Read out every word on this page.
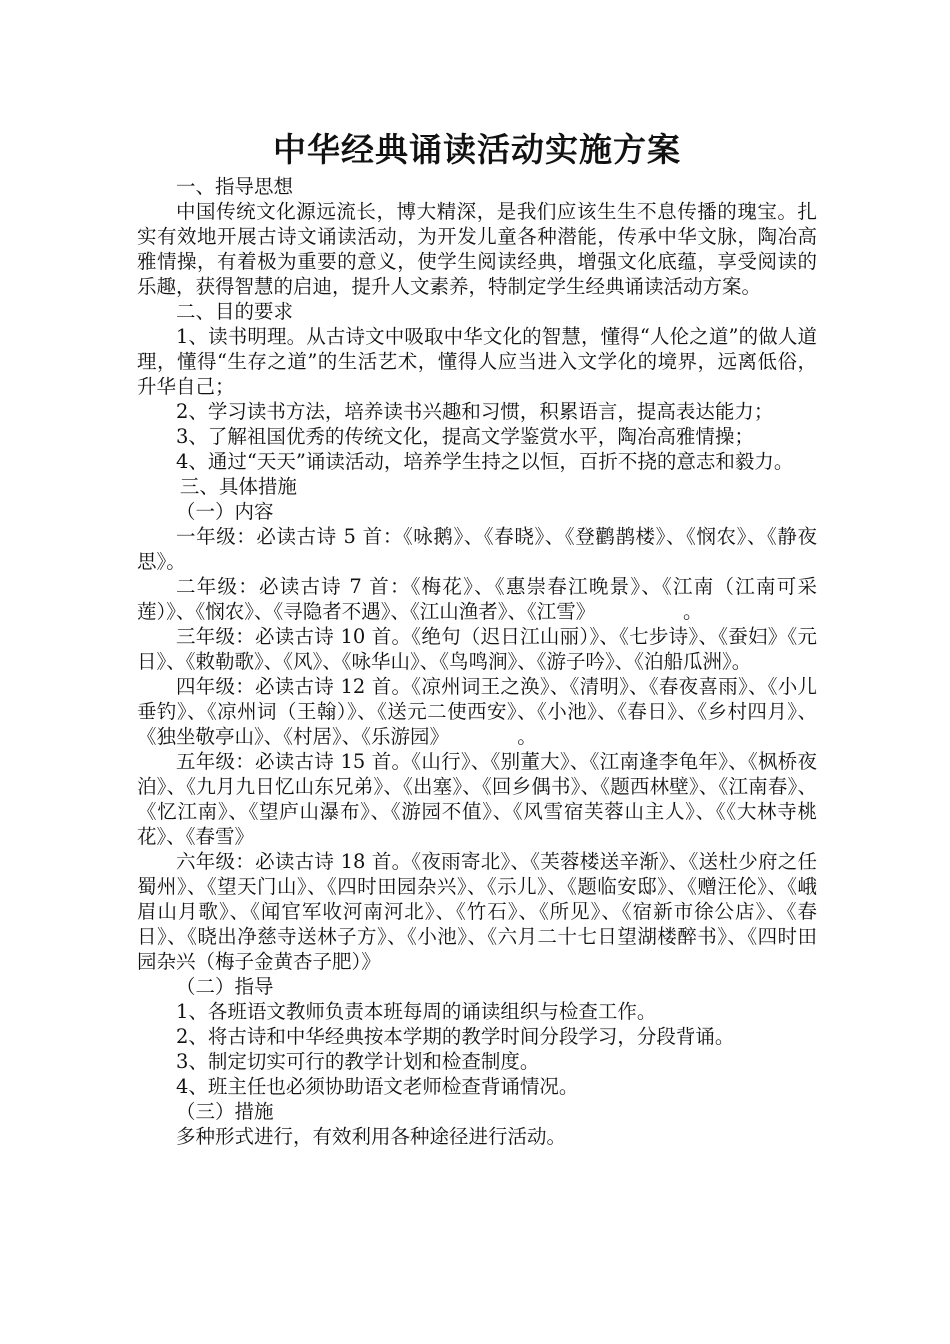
中华经典诵读活动实施方案

一、指导思想

中国传统文化源远流长，博大精深，是我们应该生生不息传播的瑰宝。扎实有效地开展古诗文诵读活动，为开发儿童各种潜能，传承中华文脉，陶冶高雅情操，有着极为重要的意义，使学生阅读经典，增强文化底蕴，享受阅读的乐趣，获得智慧的启迪，提升人文素养，特制定学生经典诵读活动方案。

二、目的要求

1、读书明理。从古诗文中吸取中华文化的智慧，懂得“人伦之道”的做人道理，懂得“生存之道”的生活艺术，懂得人应当进入文学化的境界，远离低俗，升华自己；

2、学习读书方法，培养读书兴趣和习惯，积累语言，提高表达能力；

3、了解祖国优秀的传统文化，提高文学鉴赏水平，陶冶高雅情操；

4、通过“天天”诵读活动，培养学生持之以恒，百折不挠的意志和毅力。

三、具体措施

（一）内容

一年级：必读古诗 5 首：《咏鹅》、《春晓》、《登鹳鹊楼》、《悯农》、《静夜思》。

二年级：必读古诗 7 首：《梅花》、《惠崇春江晚景》、《江南（江南可采莲）》、《悯农》、《寻隐者不遇》、《江山渔者》、《江雪》　　　　　。

三年级：必读古诗 10 首。《绝句（迟日江山丽）》、《七步诗》、《蚕妇》《元日》、《敕勒歌》、《风》、《咏华山》、《鸟鸣涧》、《游子吟》、《泊船瓜洲》。

四年级：必读古诗 12 首。《凉州词王之涣》、《清明》、《春夜喜雨》、《小儿垂钓》、《凉州词（王翰）》、《送元二使西安》、《小池》、《春日》、《乡村四月》、《独坐敬亭山》、《村居》、《乐游园》　　　　。

五年级：必读古诗 15 首。《山行》、《别董大》、《江南逢李龟年》、《枫桥夜泊》、《九月九日忆山东兄弟》、《出塞》、《回乡偶书》、《题西林壁》、《江南春》、《忆江南》、《望庐山瀑布》、《游园不值》、《风雪宿芙蓉山主人》、《《大林寺桃花》、《春雪》

六年级：必读古诗 18 首。《夜雨寄北》、《芙蓉楼送辛渐》、《送杜少府之任蜀州》、《望天门山》、《四时田园杂兴》、《示儿》、《题临安邸》、《赠汪伦》、《峨眉山月歌》、《闻官军收河南河北》、《竹石》、《所见》、《宿新市徐公店》、《春日》、《晓出净慈寺送林子方》、《小池》、《六月二十七日望湖楼醉书》、《四时田园杂兴（梅子金黄杏子肥）》

（二）指导

1、各班语文教师负责本班每周的诵读组织与检查工作。

2、将古诗和中华经典按本学期的教学时间分段学习，分段背诵。

3、制定切实可行的教学计划和检查制度。

4、班主任也必须协助语文老师检查背诵情况。

（三）措施

多种形式进行，有效利用各种途径进行活动。
